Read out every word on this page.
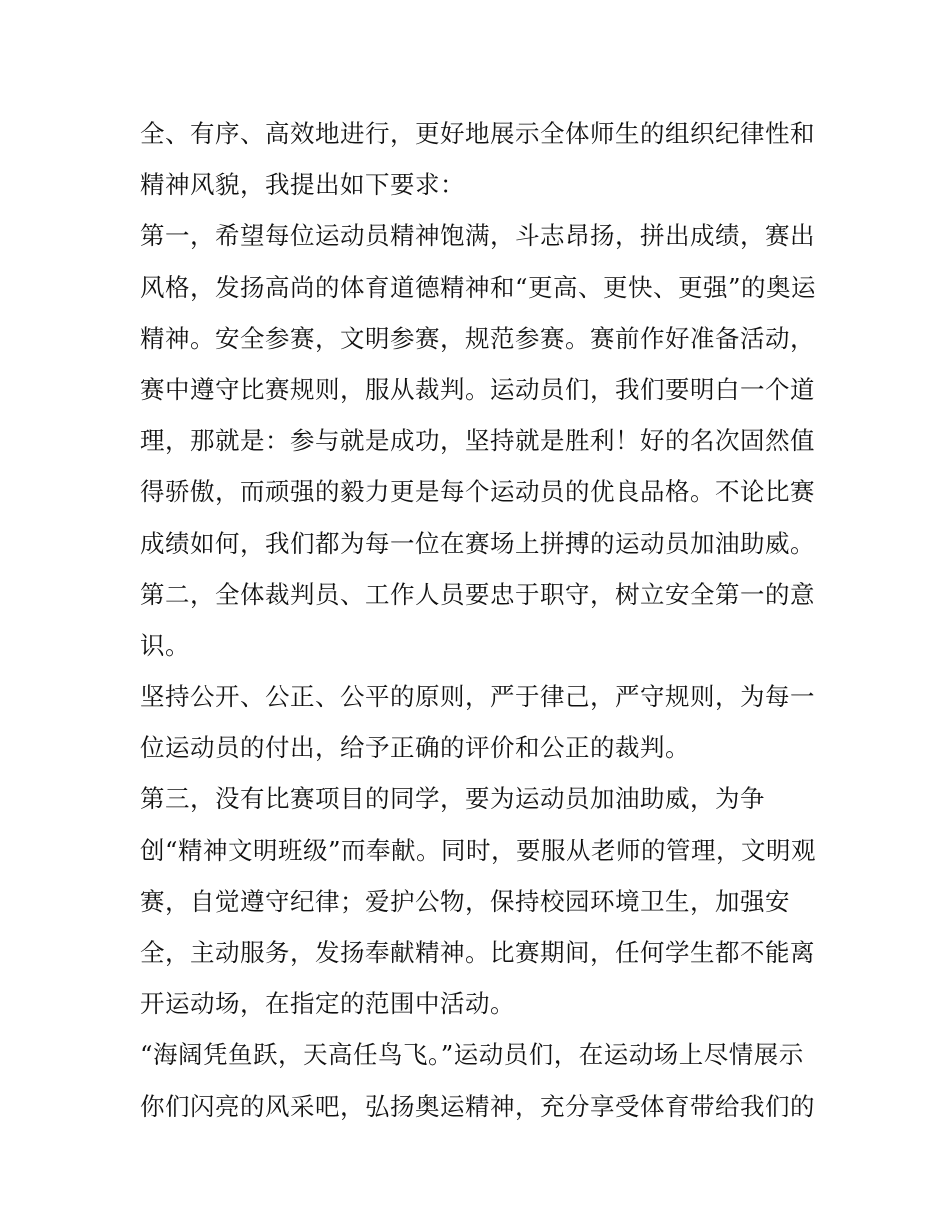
全、有序、高效地进行，更好地展示全体师生的组织纪律性和
精神风貌，我提出如下要求：
第一，希望每位运动员精神饱满，斗志昂扬，拼出成绩，赛出
风格，发扬高尚的体育道德精神和“更高、更快、更强”的奥运
精神。安全参赛，文明参赛，规范参赛。赛前作好准备活动，
赛中遵守比赛规则，服从裁判。运动员们，我们要明白一个道
理，那就是：参与就是成功，坚持就是胜利！好的名次固然值
得骄傲，而顽强的毅力更是每个运动员的优良品格。不论比赛
成绩如何，我们都为每一位在赛场上拼搏的运动员加油助威。
第二，全体裁判员、工作人员要忠于职守，树立安全第一的意
识。
坚持公开、公正、公平的原则，严于律己，严守规则，为每一
位运动员的付出，给予正确的评价和公正的裁判。
第三，没有比赛项目的同学，要为运动员加油助威，为争
创“精神文明班级”而奉献。同时，要服从老师的管理，文明观
赛，自觉遵守纪律；爱护公物，保持校园环境卫生，加强安
全，主动服务，发扬奉献精神。比赛期间，任何学生都不能离
开运动场，在指定的范围中活动。
“海阔凭鱼跃，天高任鸟飞。”运动员们，在运动场上尽情展示
你们闪亮的风采吧，弘扬奥运精神，充分享受体育带给我们的
